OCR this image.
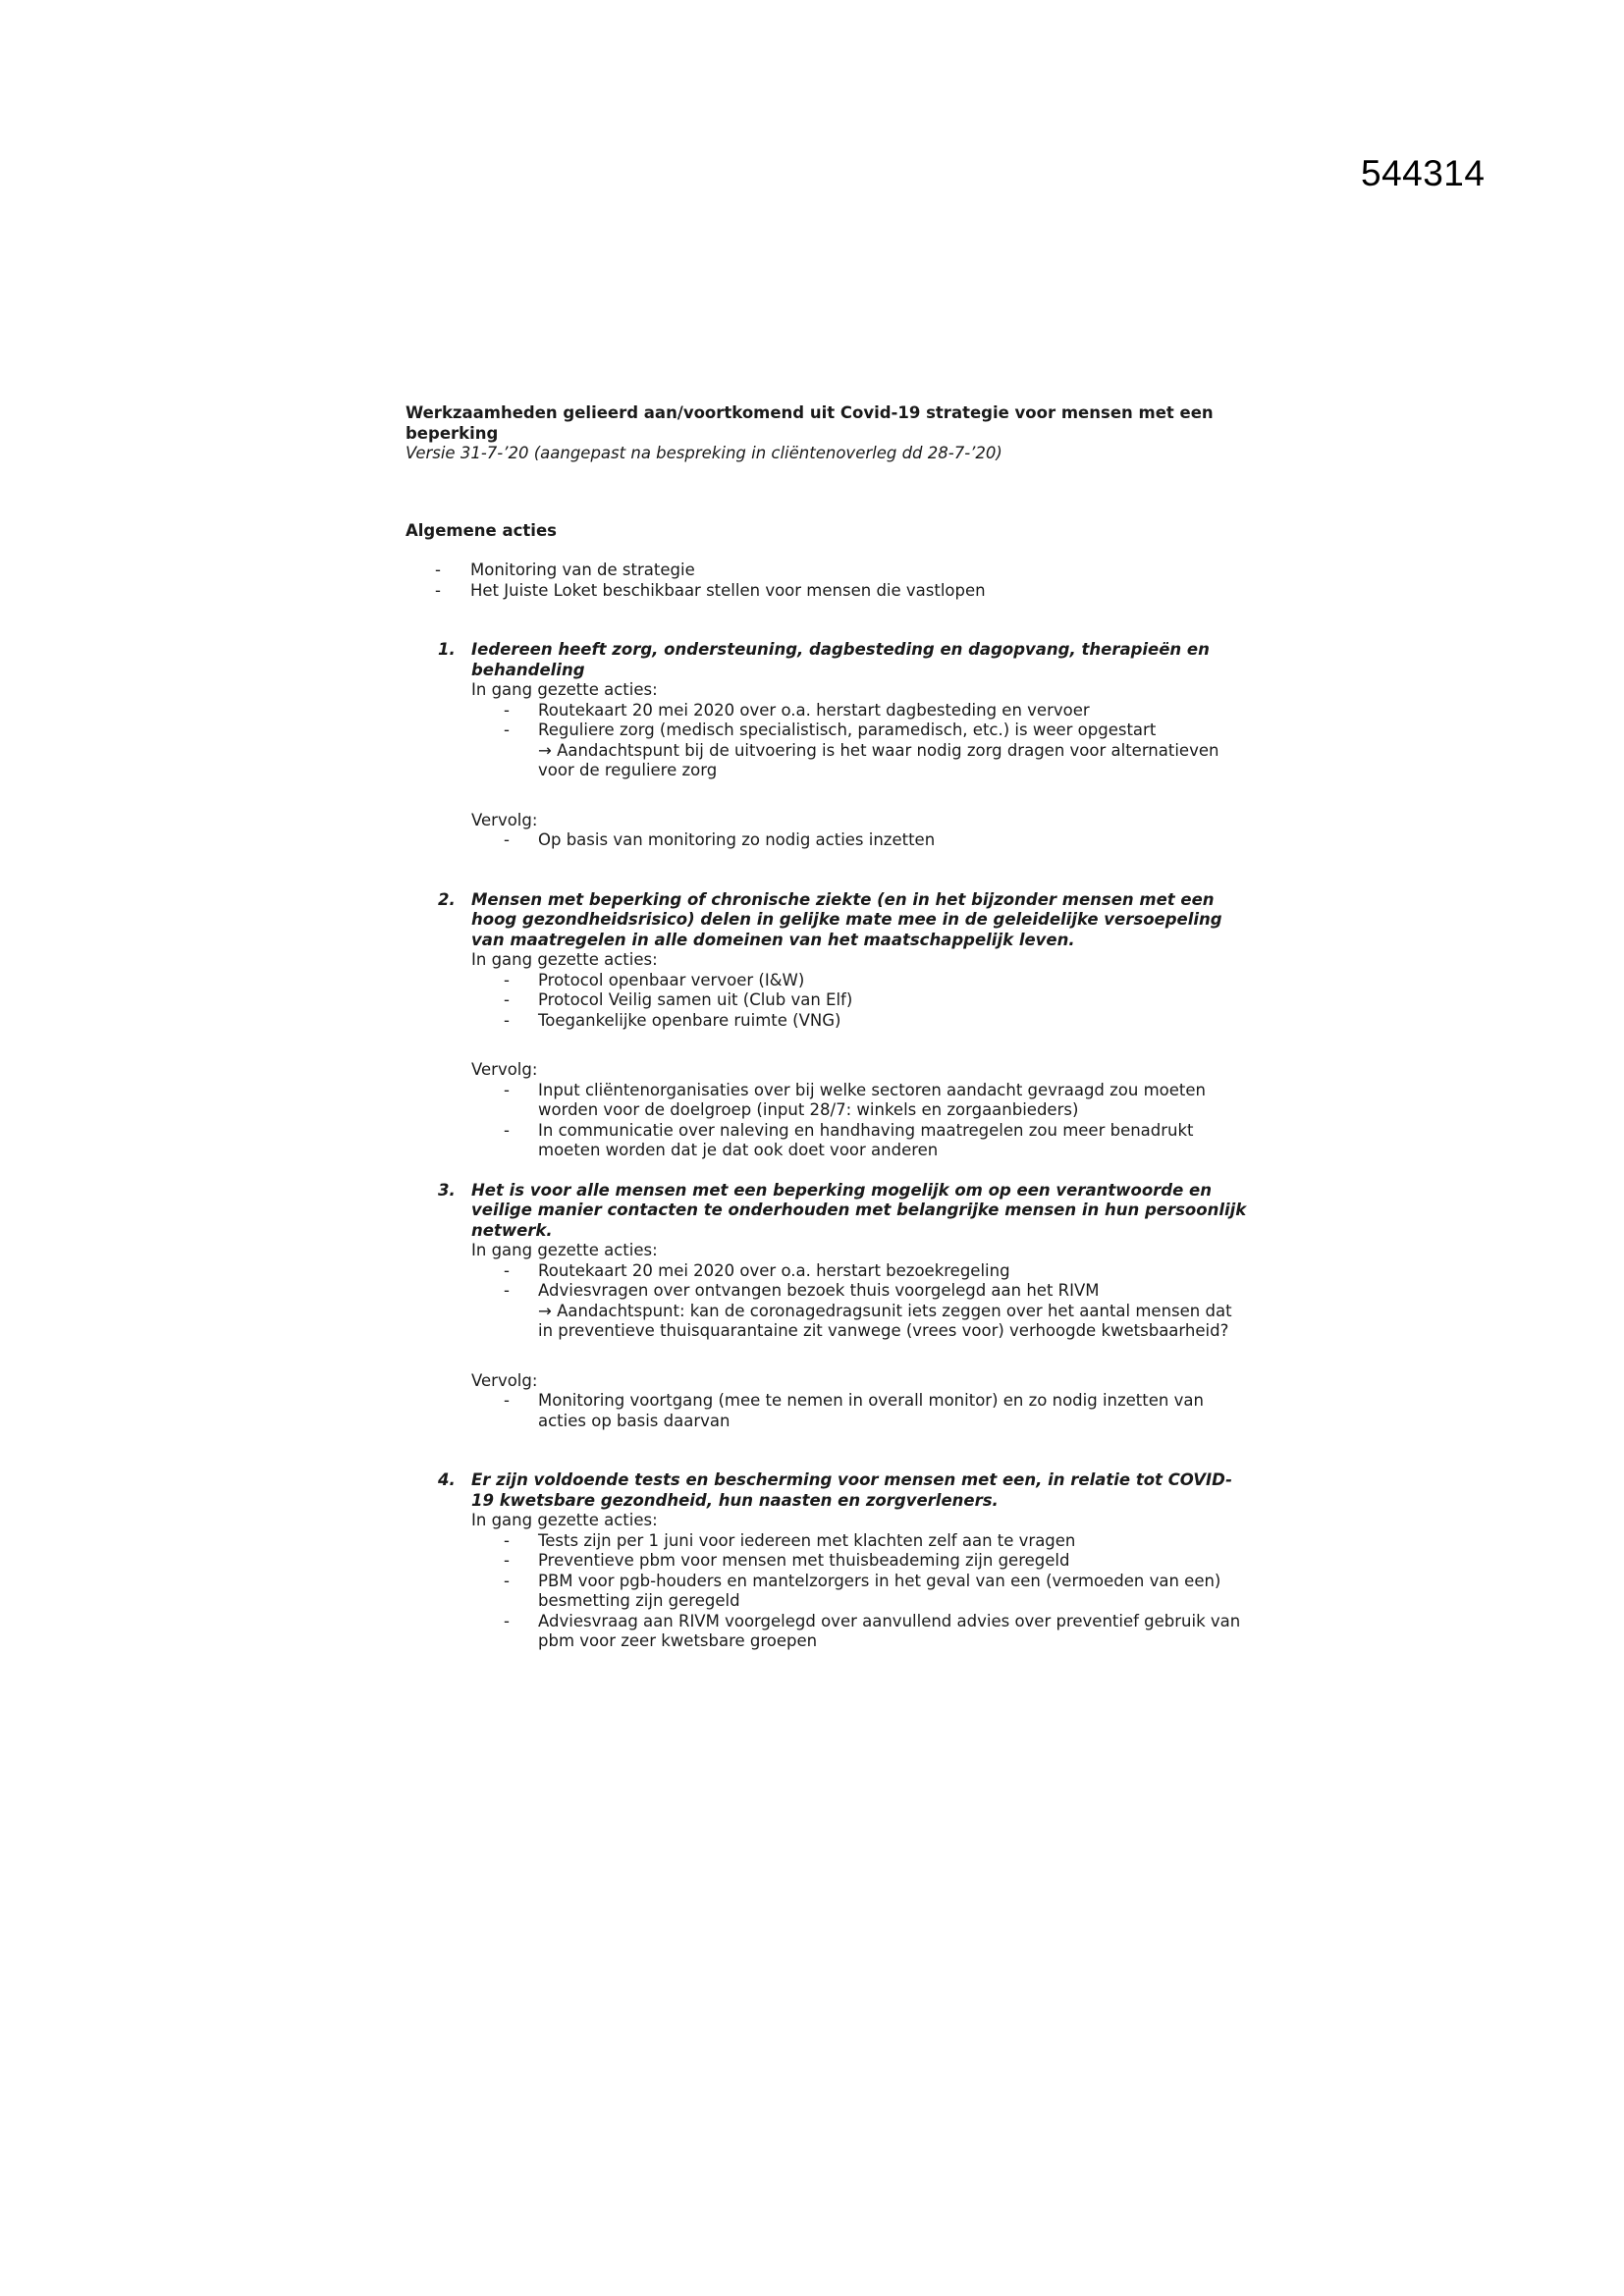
544314

Werkzaamheden gelieerd aan/voortkomend uit Covid-19 strategie voor mensen met een beperking

Versie 31-7-’20 (aangepast na bespreking in cliëntenoverleg dd 28-7-’20)

Algemene acties

- Monitoring van de strategie
- Het Juiste Loket beschikbaar stellen voor mensen die vastlopen
1. Iedereen heeft zorg, ondersteuning, dagbesteding en dagopvang, therapieën en behandeling

In gang gezette acties:

- Routekaart 20 mei 2020 over o.a. herstart dagbesteding en vervoer
- Reguliere zorg (medisch specialistisch, paramedisch, etc.) is weer opgestart
→ Aandachtspunt bij de uitvoering is het waar nodig zorg dragen voor alternatieven voor de reguliere zorg

Vervolg:

- Op basis van monitoring zo nodig acties inzetten
2. Mensen met beperking of chronische ziekte (en in het bijzonder mensen met een hoog gezondheidsrisico) delen in gelijke mate mee in de geleidelijke versoepeling van maatregelen in alle domeinen van het maatschappelijk leven.

In gang gezette acties:

- Protocol openbaar vervoer (I&W)
- Protocol Veilig samen uit (Club van Elf)
- Toegankelijke openbare ruimte (VNG)

Vervolg:

- Input cliëntenorganisaties over bij welke sectoren aandacht gevraagd zou moeten worden voor de doelgroep (input 28/7: winkels en zorgaanbieders)
- In communicatie over naleving en handhaving maatregelen zou meer benadrukt moeten worden dat je dat ook doet voor anderen
3. Het is voor alle mensen met een beperking mogelijk om op een verantwoorde en veilige manier contacten te onderhouden met belangrijke mensen in hun persoonlijk netwerk.

In gang gezette acties:

- Routekaart 20 mei 2020 over o.a. herstart bezoekregeling
- Adviesvragen over ontvangen bezoek thuis voorgelegd aan het RIVM
→ Aandachtspunt: kan de coronagedragsunit iets zeggen over het aantal mensen dat in preventieve thuisquarantaine zit vanwege (vrees voor) verhoogde kwetsbaarheid?

Vervolg:

- Monitoring voortgang (mee te nemen in overall monitor) en zo nodig inzetten van acties op basis daarvan
4. Er zijn voldoende tests en bescherming voor mensen met een, in relatie tot COVID-19 kwetsbare gezondheid, hun naasten en zorgverleners.

In gang gezette acties:

- Tests zijn per 1 juni voor iedereen met klachten zelf aan te vragen
- Preventieve pbm voor mensen met thuisbeademing zijn geregeld
- PBM voor pgb-houders en mantelzorgers in het geval van een (vermoeden van een) besmetting zijn geregeld
- Adviesvraag aan RIVM voorgelegd over aanvullend advies over preventief gebruik van pbm voor zeer kwetsbare groepen
